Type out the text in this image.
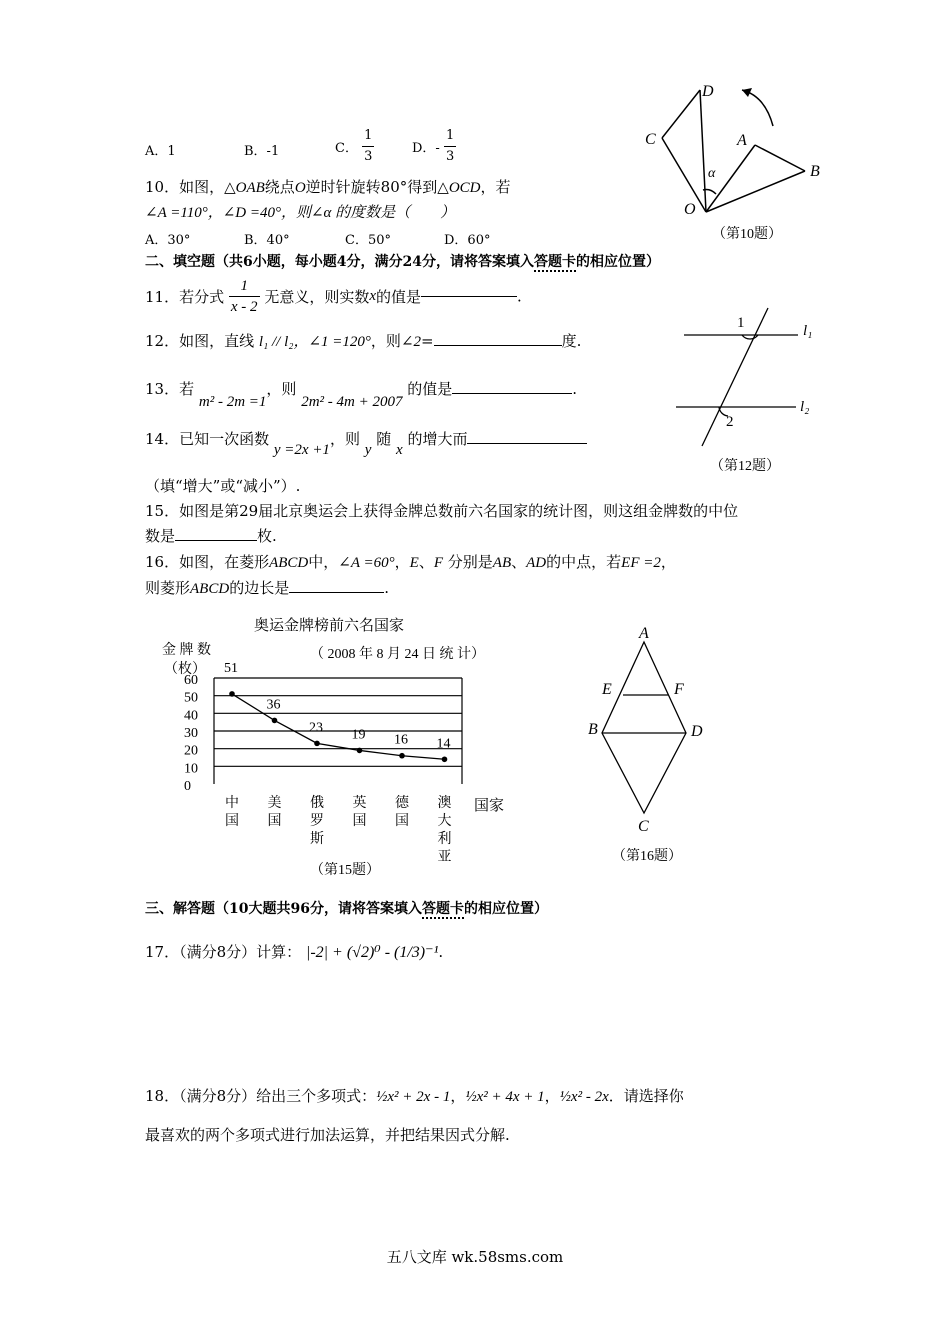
A．1	B．-1	C． $\frac{1}{3}$	D．- $\frac{1}{3}$
10．如图，△OAB绕点O逆时针旋转80°得到△OCD，若
∠A =110°，∠D =40°，则∠α 的度数是（　　）
A．30°	B．40°	C．50°	D．60°
D
C	A
B
O
α
（第10题）
二、填空题（共6小题，每小题4分，满分24分，请将答案填入答题卡的相应位置）
11．若分式 $\frac{1}{x - 2}$ 无意义，则实数x的值是	.
12．如图，直线 l₁ // l₂，∠1 =120°，则∠2=	度.
1
2
l₁
l₂
（第12题）
13．若 m² - 2m =1，则 2m² - 4m + 2007 的值是	.
14．已知一次函数 y =2x +1，则 y 随 x 的增大而
（填“增大”或“减小”）.
15．如图是第29届北京奥运会上获得金牌总数前六名国家的统计图，则这组金牌数的中位
数是	枚.
16．如图，在菱形ABCD中，∠A =60°，E、F 分别是AB、AD的中点，若EF =2，
则菱形ABCD的边长是	.
奥运金牌榜前六名国家
金 牌 数	（ 2008 年 8 月 24 日 统 计）
（枚）
0
10
20
30
40
50
60
51
36
23 19 16 14
中国
美国
俄罗斯
英国
德国
澳大利亚
国家
（第15题）
A
E	F
B	D
C
（第16题）
三、解答题（10大题共96分，请将答案填入答题卡的相应位置）
17．（满分8分）计算： |-2| + (√2)⁰ - (1/3)⁻¹.
18．（满分8分）给出三个多项式：½x² + 2x - 1，½x² + 4x + 1，½x² - 2x．请选择你
最喜欢的两个多项式进行加法运算，并把结果因式分解.
五八文库 wk.58sms.com
